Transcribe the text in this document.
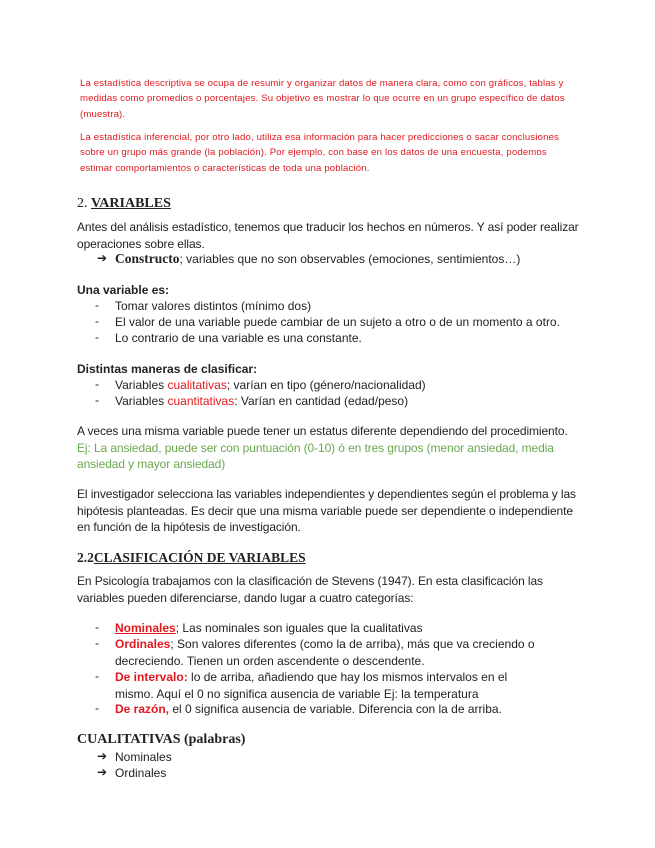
La estadística descriptiva se ocupa de resumir y organizar datos de manera clara, como con gráficos, tablas y medidas como promedios o porcentajes. Su objetivo es mostrar lo que ocurre en un grupo específico de datos (muestra).

La estadística inferencial, por otro lado, utiliza esa información para hacer predicciones o sacar conclusiones sobre un grupo más grande (la población). Por ejemplo, con base en los datos de una encuesta, podemos estimar comportamientos o características de toda una población.

2. VARIABLES

Antes del análisis estadístico, tenemos que traducir los hechos en números. Y así poder realizar operaciones sobre ellas.

➔ Constructo; variables que no son observables (emociones, sentimientos…)
Una variable es:
- Tomar valores distintos (mínimo dos)
- El valor de una variable puede cambiar de un sujeto a otro o de un momento a otro.
- Lo contrario de una variable es una constante.
Distintas maneras de clasificar:
- Variables cualitativas; varían en tipo (género/nacionalidad)
- Variables cuantitativas: Varían en cantidad (edad/peso)

A veces una misma variable puede tener un estatus diferente dependiendo del procedimiento.

Ej: La ansiedad, puede ser con puntuación (0-10) ó en tres grupos (menor ansiedad, media ansiedad y mayor ansiedad)

El investigador selecciona las variables independientes y dependientes según el problema y las hipótesis planteadas. Es decir que una misma variable puede ser dependiente o independiente en función de la hipótesis de investigación.

2.2CLASIFICACIÓN DE VARIABLES

En Psicología trabajamos con la clasificación de Stevens (1947). En esta clasificación las variables pueden diferenciarse, dando lugar a cuatro categorías:

- Nominales; Las nominales son iguales que la cualitativas

- Ordinales; Son valores diferentes (como la de arriba), más que va creciendo o decreciendo. Tienen un orden ascendente o descendente.

- De intervalo: lo de arriba, añadiendo que hay los mismos intervalos en el mismo. Aquí el 0 no significa ausencia de variable Ej: la temperatura

- De razón, el 0 significa ausencia de variable. Diferencia con la de arriba.

CUALITATIVAS (palabras)
➔ Nominales
➔ Ordinales
